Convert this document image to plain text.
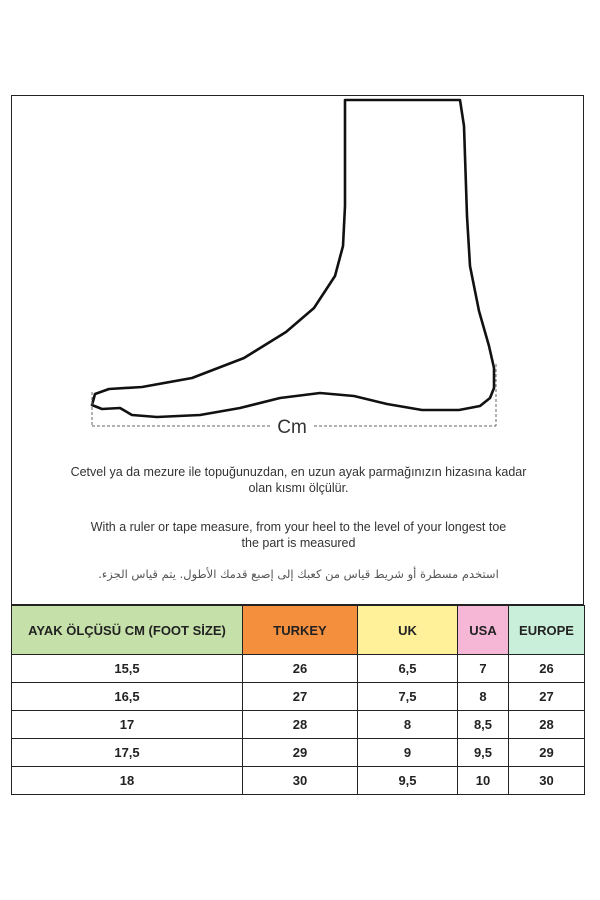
Cm
Cetvel ya da mezure ile topuğunuzdan, en uzun ayak parmağınızın hizasına kadar
olan kısmı ölçülür.
With a ruler or tape measure, from your heel to the level of your longest toe
the part is measured
استخدم مسطرة أو شريط قياس من كعبك إلى إصبع قدمك الأطول. يتم قياس الجزء.
AYAK ÖLÇÜSÜ CM (FOOT SİZE)	TURKEY	UK	USA	EUROPE
15,5	26	6,5	7	26
16,5	27	7,5	8	27
17	28	8	8,5	28
17,5	29	9	9,5	29
18	30	9,5	10	30
